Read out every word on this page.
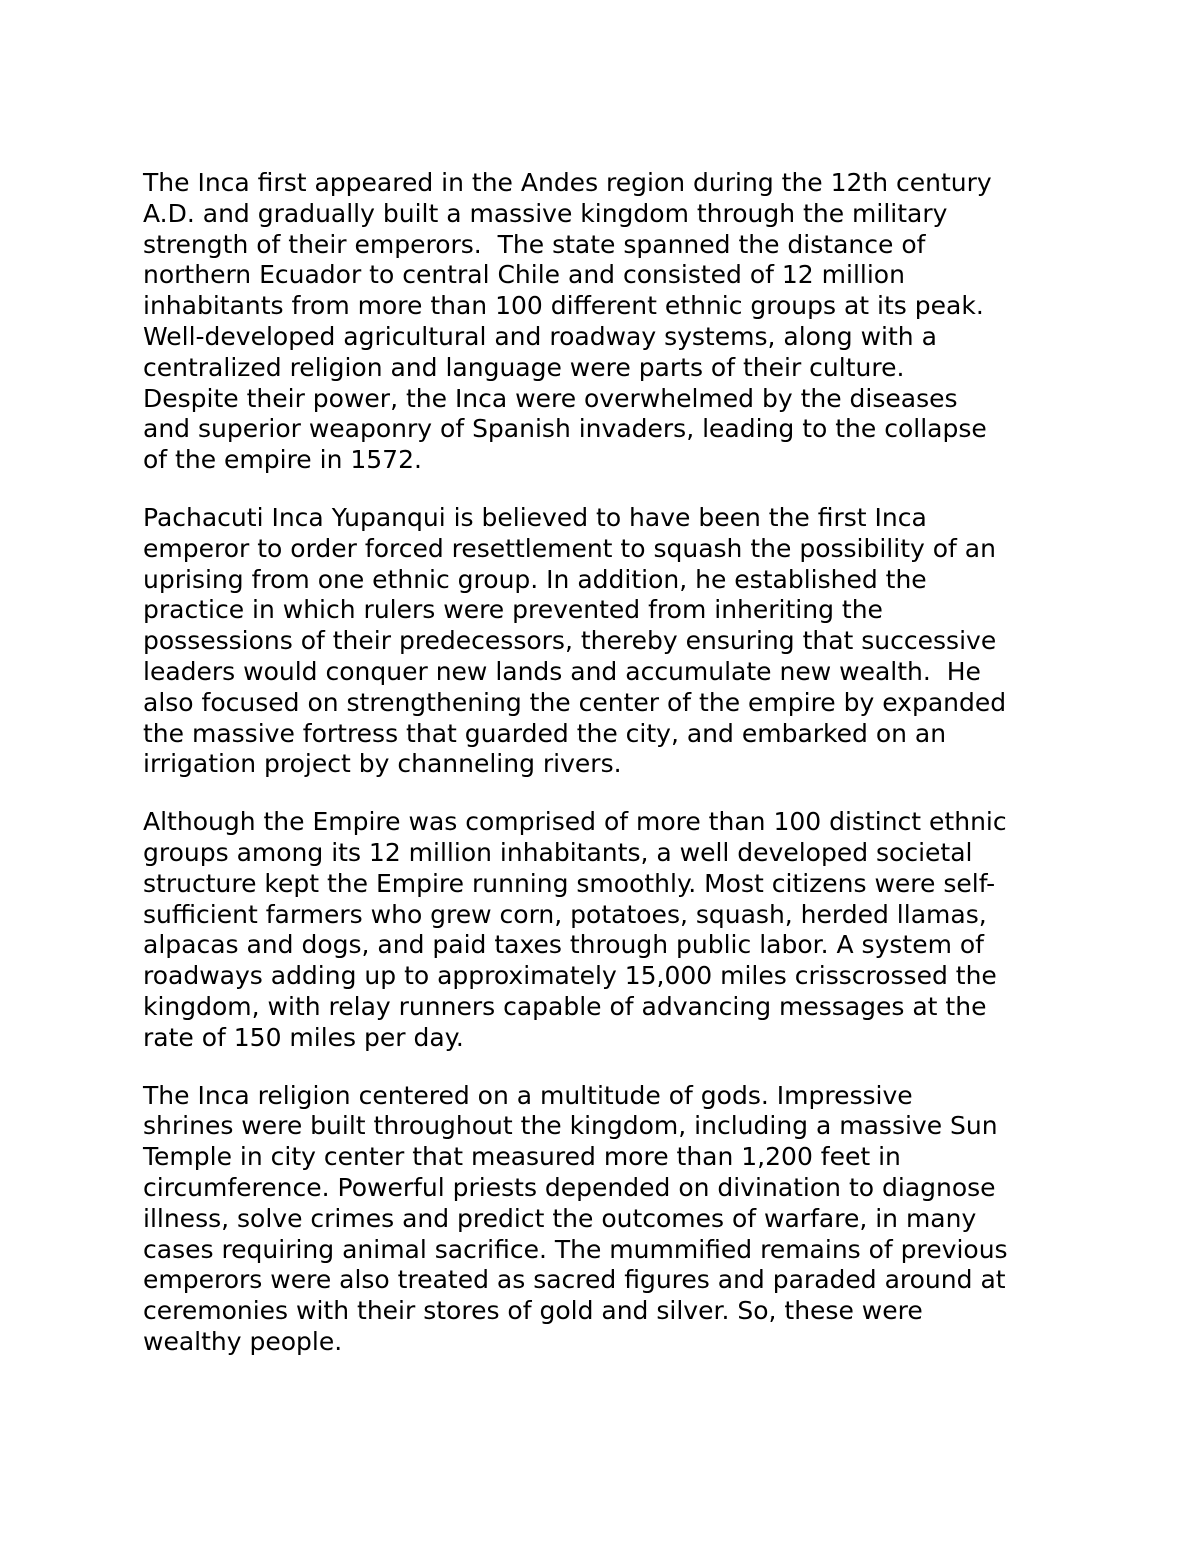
The Inca first appeared in the Andes region during the 12th century
A.D. and gradually built a massive kingdom through the military
strength of their emperors.  The state spanned the distance of
northern Ecuador to central Chile and consisted of 12 million
inhabitants from more than 100 different ethnic groups at its peak.
Well-developed agricultural and roadway systems, along with a
centralized religion and language were parts of their culture.
Despite their power, the Inca were overwhelmed by the diseases
and superior weaponry of Spanish invaders, leading to the collapse
of the empire in 1572.

Pachacuti Inca Yupanqui is believed to have been the first Inca
emperor to order forced resettlement to squash the possibility of an
uprising from one ethnic group. In addition, he established the
practice in which rulers were prevented from inheriting the
possessions of their predecessors, thereby ensuring that successive
leaders would conquer new lands and accumulate new wealth.  He
also focused on strengthening the center of the empire by expanded
the massive fortress that guarded the city, and embarked on an
irrigation project by channeling rivers.

Although the Empire was comprised of more than 100 distinct ethnic
groups among its 12 million inhabitants, a well developed societal
structure kept the Empire running smoothly. Most citizens were self-
sufficient farmers who grew corn, potatoes, squash, herded llamas,
alpacas and dogs, and paid taxes through public labor. A system of
roadways adding up to approximately 15,000 miles crisscrossed the
kingdom, with relay runners capable of advancing messages at the
rate of 150 miles per day.

The Inca religion centered on a multitude of gods. Impressive
shrines were built throughout the kingdom, including a massive Sun
Temple in city center that measured more than 1,200 feet in
circumference. Powerful priests depended on divination to diagnose
illness, solve crimes and predict the outcomes of warfare, in many
cases requiring animal sacrifice. The mummified remains of previous
emperors were also treated as sacred figures and paraded around at
ceremonies with their stores of gold and silver. So, these were
wealthy people.
